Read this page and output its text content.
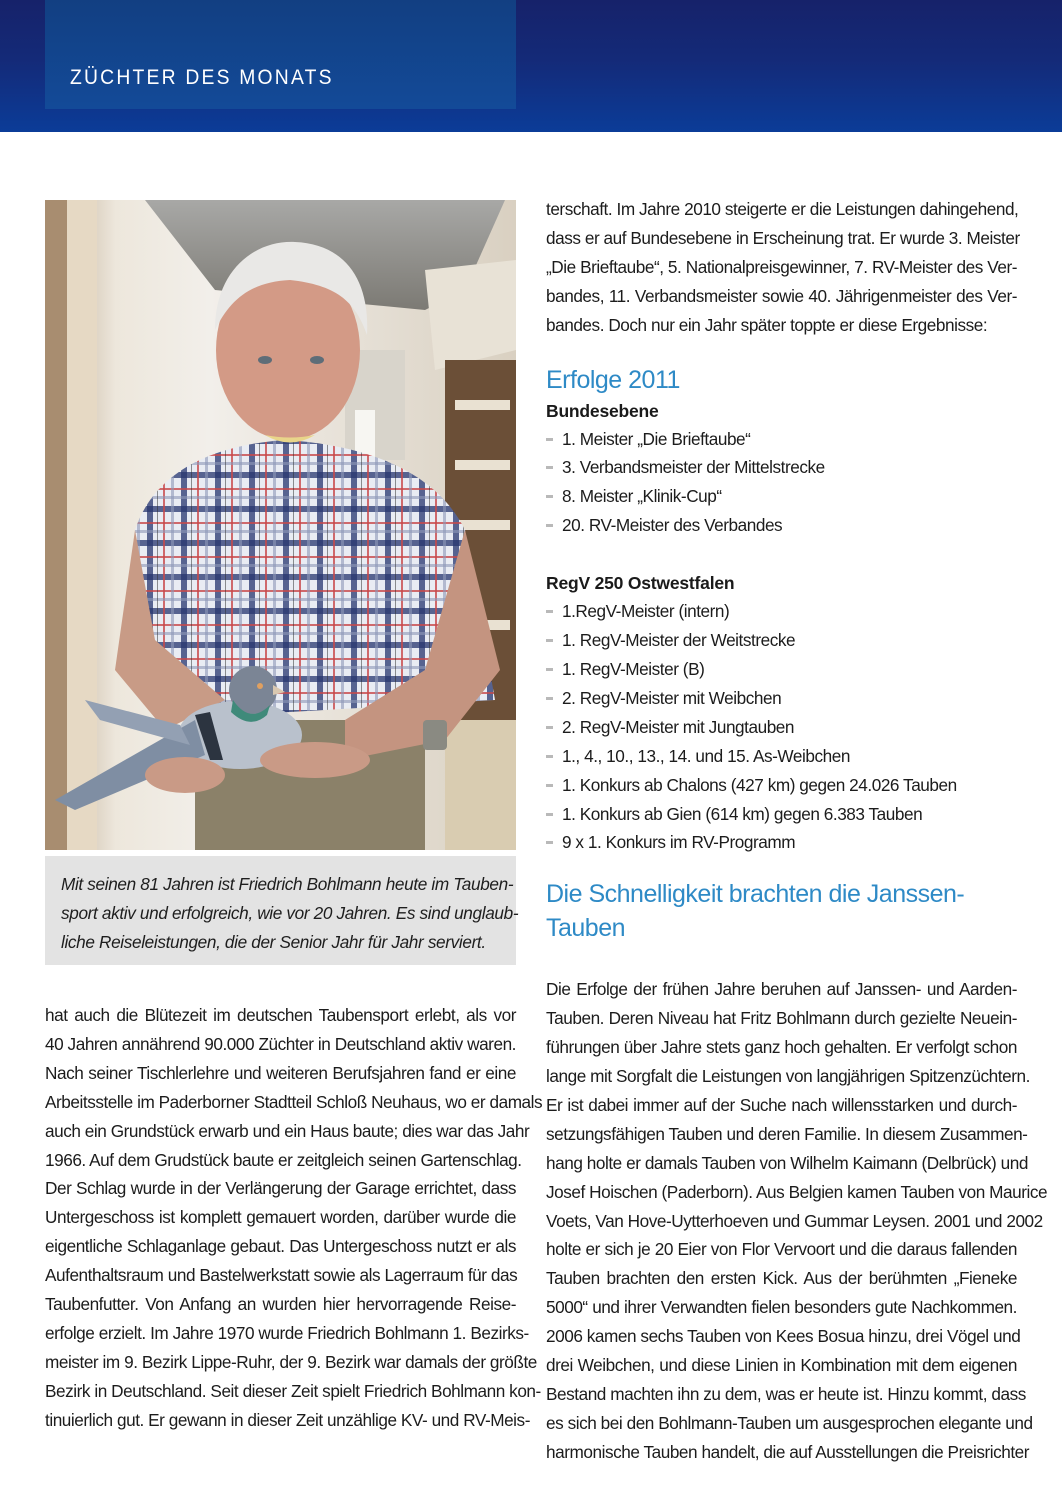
ZÜCHTER DES MONATS

Mit seinen 81 Jahren ist Friedrich Bohlmann heute im Tauben-
sport aktiv und erfolgreich, wie vor 20 Jahren. Es sind unglaub-
liche Reiseleistungen, die der Senior Jahr für Jahr serviert.

hat auch die Blütezeit im deutschen Taubensport erlebt, als vor
40 Jahren annährend 90.000 Züchter in Deutschland aktiv waren.
Nach seiner Tischlerlehre und weiteren Berufsjahren fand er eine
Arbeitsstelle im Paderborner Stadtteil Schloß Neuhaus, wo er damals
auch ein Grundstück erwarb und ein Haus baute; dies war das Jahr
1966. Auf dem Grudstück baute er zeitgleich seinen Gartenschlag.
Der Schlag wurde in der Verlängerung der Garage errichtet, dass
Untergeschoss ist komplett gemauert worden, darüber wurde die
eigentliche Schlaganlage gebaut. Das Untergeschoss nutzt er als
Aufenthaltsraum und Bastelwerkstatt sowie als Lagerraum für das
Taubenfutter. Von Anfang an wurden hier hervorragende Reise-
erfolge erzielt. Im Jahre 1970 wurde Friedrich Bohlmann 1. Bezirks-
meister im 9. Bezirk Lippe-Ruhr, der 9. Bezirk war damals der größte
Bezirk in Deutschland. Seit dieser Zeit spielt Friedrich Bohlmann kon-
tinuierlich gut. Er gewann in dieser Zeit unzählige KV- und RV-Meis-

terschaft. Im Jahre 2010 steigerte er die Leistungen dahingehend,
dass er auf Bundesebene in Erscheinung trat. Er wurde 3. Meister
„Die Brieftaube“, 5. Nationalpreisgewinner, 7. RV-Meister des Ver-
bandes, 11. Verbandsmeister sowie 40. Jährigenmeister des Ver-
bandes. Doch nur ein Jahr später toppte er diese Ergebnisse:

Erfolge 2011
Bundesebene
1. Meister „Die Brieftaube“
3. Verbandsmeister der Mittelstrecke
8. Meister „Klinik-Cup“
20. RV-Meister des Verbandes
RegV 250 Ostwestfalen
1.RegV-Meister (intern)
1. RegV-Meister der Weitstrecke
1. RegV-Meister (B)
2. RegV-Meister mit Weibchen
2. RegV-Meister mit Jungtauben
1., 4., 10., 13., 14. und 15. As-Weibchen
1. Konkurs ab Chalons (427 km) gegen 24.026 Tauben
1. Konkurs ab Gien (614 km) gegen 6.383 Tauben
9 x 1. Konkurs im RV-Programm
Die Schnelligkeit brachten die Janssen-Tauben

Die Erfolge der frühen Jahre beruhen auf Janssen- und Aarden-
Tauben. Deren Niveau hat Fritz Bohlmann durch gezielte Neuein-
führungen über Jahre stets ganz hoch gehalten. Er verfolgt schon
lange mit Sorgfalt die Leistungen von langjährigen Spitzenzüchtern.
Er ist dabei immer auf der Suche nach willensstarken und durch-
setzungsfähigen Tauben und deren Familie. In diesem Zusammen-
hang holte er damals Tauben von Wilhelm Kaimann (Delbrück) und
Josef Hoischen (Paderborn). Aus Belgien kamen Tauben von Maurice
Voets, Van Hove-Uytterhoeven und Gummar Leysen. 2001 und 2002
holte er sich je 20 Eier von Flor Vervoort und die daraus fallenden
Tauben brachten den ersten Kick. Aus der berühmten „Fieneke
5000“ und ihrer Verwandten fielen besonders gute Nachkommen.
2006 kamen sechs Tauben von Kees Bosua hinzu, drei Vögel und
drei Weibchen, und diese Linien in Kombination mit dem eigenen
Bestand machten ihn zu dem, was er heute ist. Hinzu kommt, dass
es sich bei den Bohlmann-Tauben um ausgesprochen elegante und
harmonische Tauben handelt, die auf Ausstellungen die Preisrichter
